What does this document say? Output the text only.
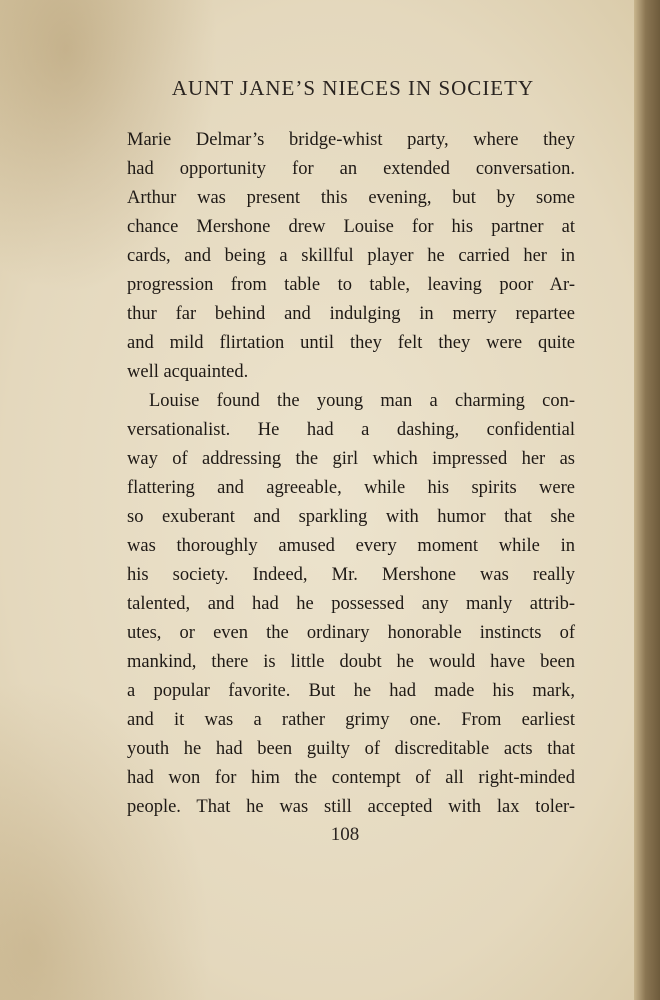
AUNT JANE’S NIECES IN SOCIETY
Marie Delmar’s bridge-whist party, where they
had opportunity for an extended conversation.
Arthur was present this evening, but by some
chance Mershone drew Louise for his partner at
cards, and being a skillful player he carried her in
progression from table to table, leaving poor Ar-
thur far behind and indulging in merry repartee
and mild flirtation until they felt they were quite
well acquainted.
Louise found the young man a charming con-
versationalist. He had a dashing, confidential
way of addressing the girl which impressed her as
flattering and agreeable, while his spirits were
so exuberant and sparkling with humor that she
was thoroughly amused every moment while in
his society. Indeed, Mr. Mershone was really
talented, and had he possessed any manly attrib-
utes, or even the ordinary honorable instincts of
mankind, there is little doubt he would have been
a popular favorite. But he had made his mark,
and it was a rather grimy one. From earliest
youth he had been guilty of discreditable acts that
had won for him the contempt of all right-minded
people. That he was still accepted with lax toler-
108
